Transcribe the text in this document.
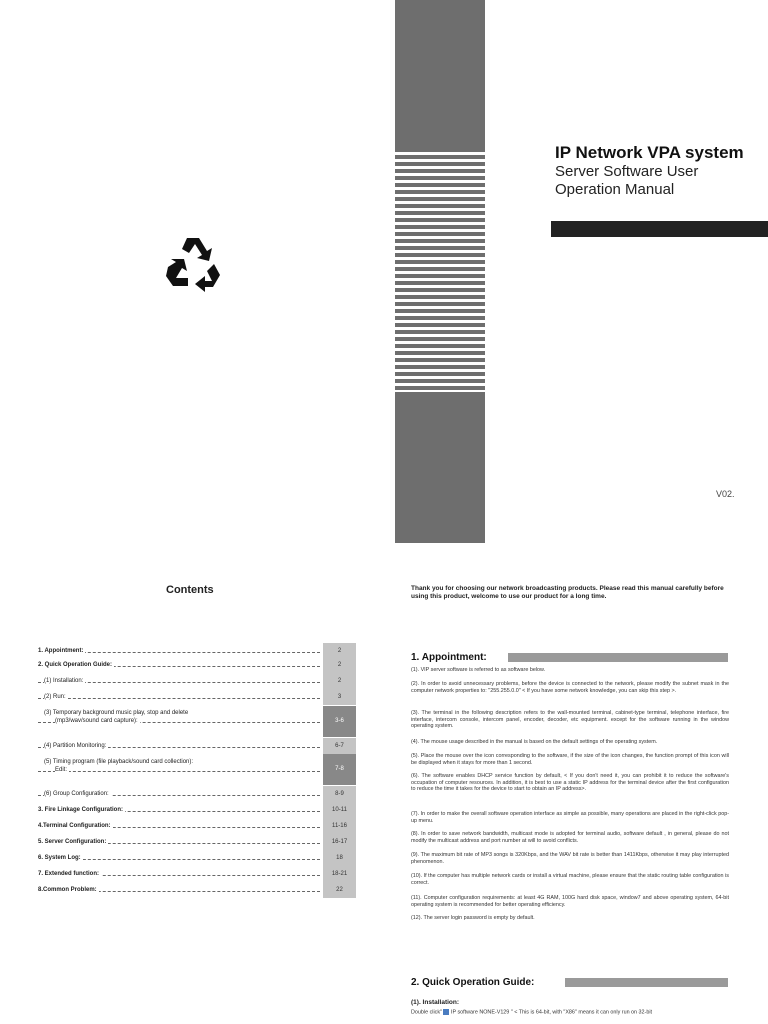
IP Network VPA system
Server Software User
Operation Manual
V02.
Contents
1. Appointment:
2. Quick Operation Guide:
(1) Installation:
(2) Run:
(3) Temporary background music play, stop and delete
(mp3/wav/sound card capture):
(4) Partition Monitoring:
(5) Timing program (file playback/sound card collection):
Edit:
(6) Group Configuration:
3. Fire Linkage Configuration:
4.Terminal Configuration:
5. Server Configuration:
6. System Log:
7. Extended function:
8.Common Problem:
2
2
2
3
3-6
6-7
7-8
8-9
10-11
11-16
16-17
18
18-21
22
Thank you for choosing our network broadcasting products. Please read this manual carefully before using this product, welcome to use our product for a long time.
1. Appointment:
(1). VIP server software is referred to as software below.
(2). In order to avoid unnecessary problems, before the device is connected to the network, please modify the subnet mask in the computer network properties to: "255.255.0.0" < If you have some network knowledge, you can skip this step >.
(3). The terminal in the following description refers to the wall-mounted terminal, cabinet-type terminal, telephone interface, fire interface, intercom console, intercom panel, encoder, decoder, etc equipment. except for the software running in the window operating system.
(4). The mouse usage described in the manual is based on the default settings of the operating system.
(5). Place the mouse over the icon corresponding to the software, if the size of the icon changes, the function prompt of this icon will be displayed when it stays for more than 1 second.
(6). The software enables DHCP service function by default, < If you don't need it, you can prohibit it to reduce the software's occupation of computer resources. In addition, it is best to use a static IP address for the terminal device after the first configuration to reduce the time it takes for the device to start to obtain an IP address>.
(7). In order to make the overall software operation interface as simple as possible, many operations are placed in the right-click pop-up menu.
(8). In order to save network bandwidth, multicast mode is adopted for terminal audio, software default , in general, please do not modify the multicast address and port number at will to avoid conflicts.
(9). The maximum bit rate of MP3 songs is 320Kbps, and the WAV bit rate is better than 1411Kbps, otherwise it may play interrupted phenomenon.
(10). If the computer has multiple network cards or install a virtual machine, please ensure that the static routing table configuration is correct.
(11). Computer configuration requirements: at least 4G RAM, 100G hard disk space, window7 and above operating system, 64-bit operating system is recommended for better operating efficiency.
(12). The server login password is empty by default.
2. Quick Operation Guide:
(1). Installation:
Double click" IP software NONE-V129 " < This is 64-bit, with "X86" means it can only run on 32-bit
